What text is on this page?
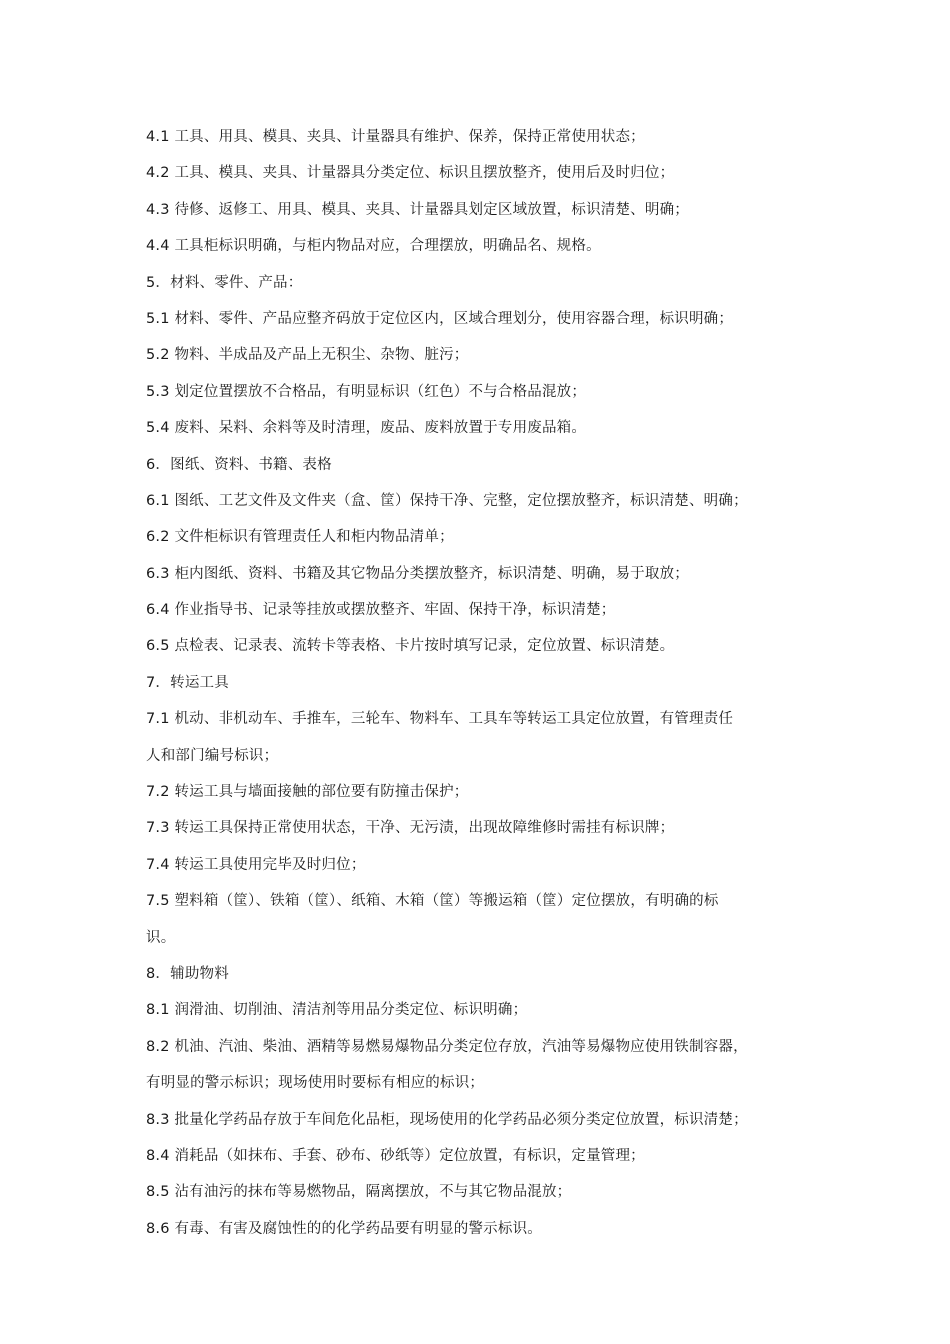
4.1 工具、用具、模具、夹具、计量器具有维护、保养，保持正常使用状态；
4.2 工具、模具、夹具、计量器具分类定位、标识且摆放整齐，使用后及时归位；
4.3 待修、返修工、用具、模具、夹具、计量器具划定区域放置，标识清楚、明确；
4.4 工具柜标识明确，与柜内物品对应，合理摆放，明确品名、规格。
5．材料、零件、产品：
5.1 材料、零件、产品应整齐码放于定位区内，区域合理划分，使用容器合理，标识明确；
5.2 物料、半成品及产品上无积尘、杂物、脏污；
5.3 划定位置摆放不合格品，有明显标识（红色）不与合格品混放；
5.4 废料、呆料、余料等及时清理，废品、废料放置于专用废品箱。
6．图纸、资料、书籍、表格
6.1 图纸、工艺文件及文件夹（盒、筐）保持干净、完整，定位摆放整齐，标识清楚、明确；
6.2 文件柜标识有管理责任人和柜内物品清单；
6.3 柜内图纸、资料、书籍及其它物品分类摆放整齐，标识清楚、明确，易于取放；
6.4 作业指导书、记录等挂放或摆放整齐、牢固、保持干净，标识清楚；
6.5 点检表、记录表、流转卡等表格、卡片按时填写记录，定位放置、标识清楚。
7．转运工具
7.1 机动、非机动车、手推车，三轮车、物料车、工具车等转运工具定位放置，有管理责任
人和部门编号标识；
7.2 转运工具与墙面接触的部位要有防撞击保护；
7.3 转运工具保持正常使用状态，干净、无污渍，出现故障维修时需挂有标识牌；
7.4 转运工具使用完毕及时归位；
7.5 塑料箱（筐）、铁箱（筐）、纸箱、木箱（筐）等搬运箱（筐）定位摆放，有明确的标
识。
8．辅助物料
8.1 润滑油、切削油、清洁剂等用品分类定位、标识明确；
8.2 机油、汽油、柴油、酒精等易燃易爆物品分类定位存放，汽油等易爆物应使用铁制容器，
有明显的警示标识；现场使用时要标有相应的标识；
8.3 批量化学药品存放于车间危化品柜，现场使用的化学药品必须分类定位放置，标识清楚；
8.4 消耗品（如抹布、手套、砂布、砂纸等）定位放置，有标识，定量管理；
8.5 沾有油污的抹布等易燃物品，隔离摆放，不与其它物品混放；
8.6 有毒、有害及腐蚀性的的化学药品要有明显的警示标识。
